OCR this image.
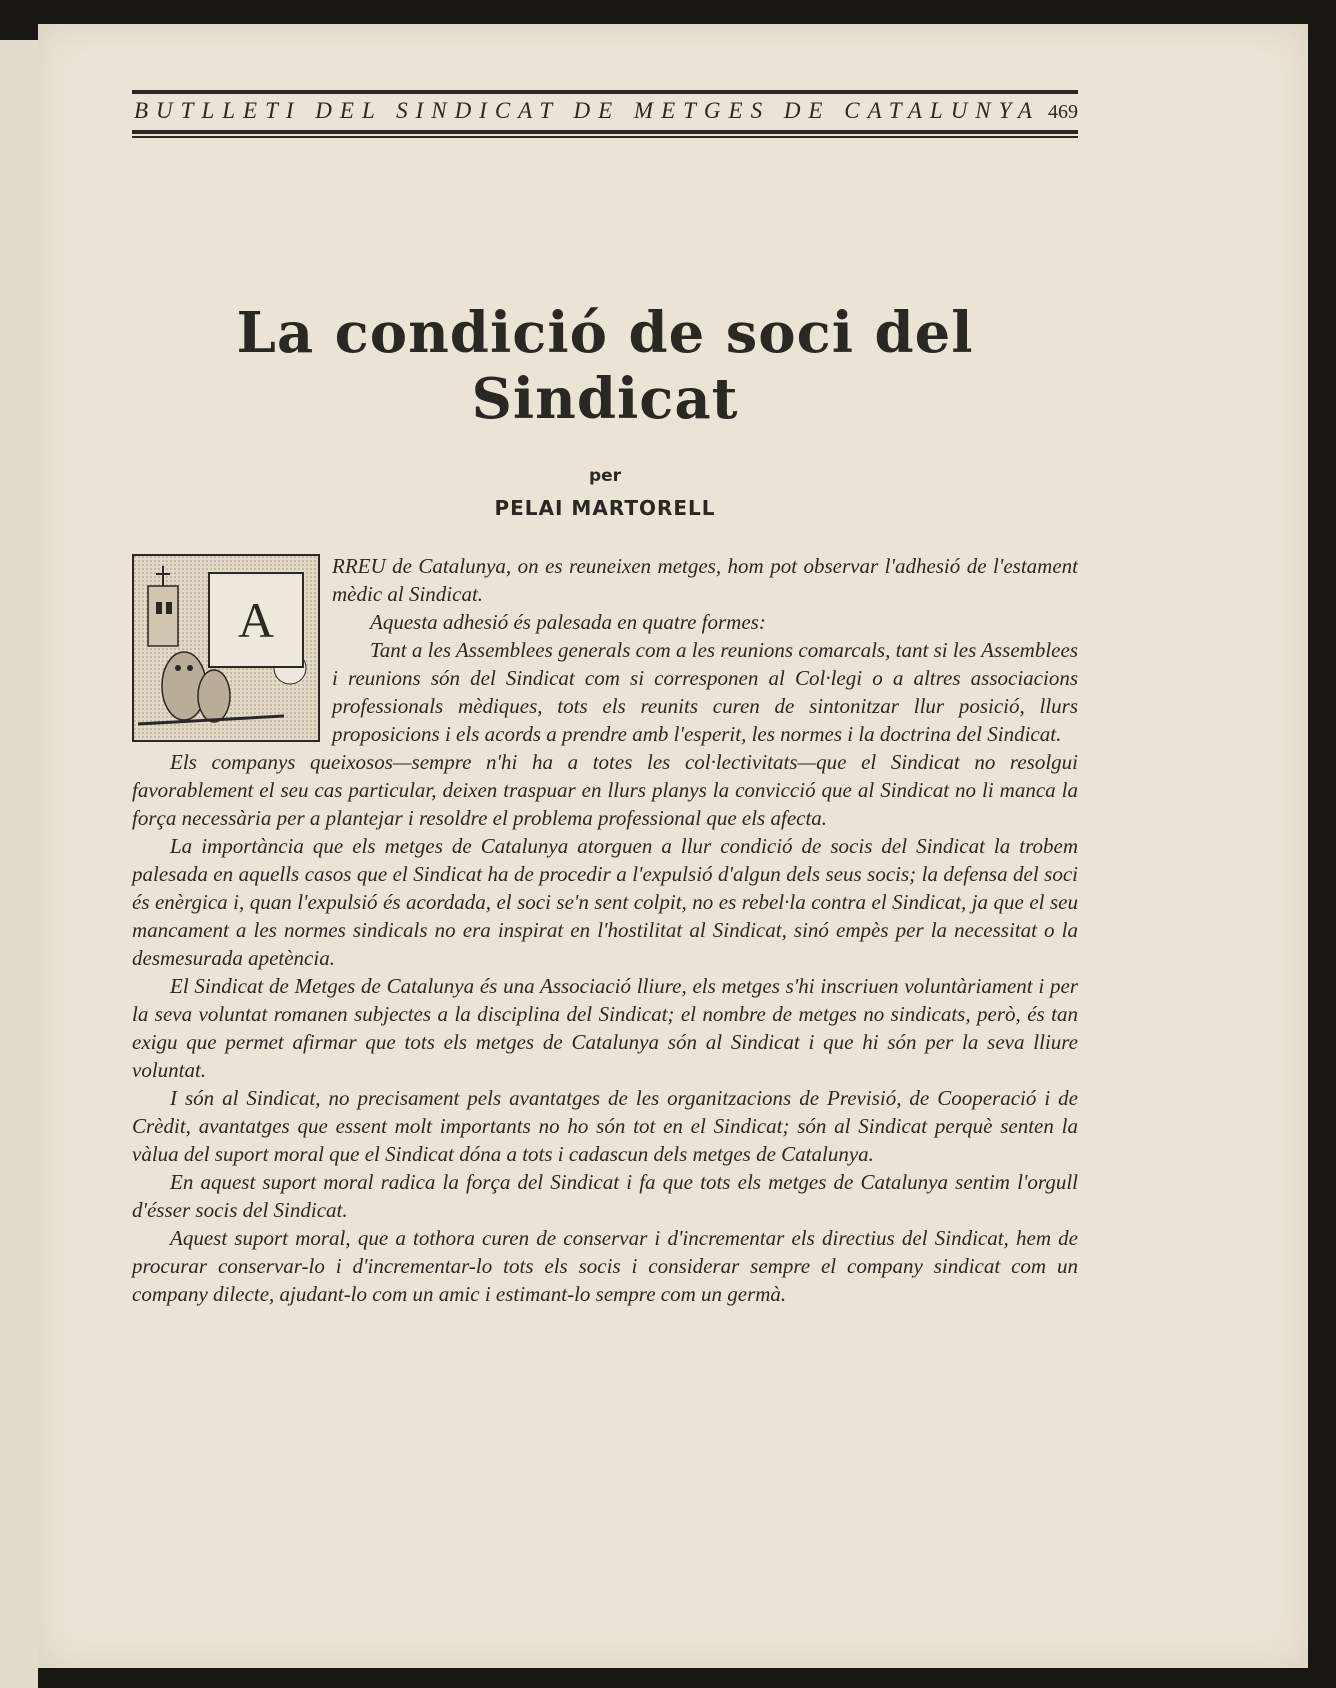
BUTLLETI DEL SINDICAT DE METGES DE CATALUNYA 469
La condició de soci del Sindicat
per
PELAI MARTORELL
A

RREU de Catalunya, on es reuneixen metges, hom pot observar l'adhesió de l'estament mèdic al Sindicat.

Aquesta adhesió és palesada en quatre formes:

Tant a les Assemblees generals com a les reunions comarcals, tant si les Assemblees i reunions són del Sindicat com si corresponen al Col·legi o a altres associacions professionals mèdiques, tots els reunits curen de sintonitzar llur posició, llurs proposicions i els acords a prendre amb l'esperit, les normes i la doctrina del Sindicat.

Els companys queixosos—sempre n'hi ha a totes les col·lectivitats—que el Sindicat no resolgui favorablement el seu cas particular, deixen traspuar en llurs planys la convicció que al Sindicat no li manca la força necessària per a plantejar i resoldre el problema professional que els afecta.

La importància que els metges de Catalunya atorguen a llur condició de socis del Sindicat la trobem palesada en aquells casos que el Sindicat ha de procedir a l'expulsió d'algun dels seus socis; la defensa del soci és enèrgica i, quan l'expulsió és acordada, el soci se'n sent colpit, no es rebel·la contra el Sindicat, ja que el seu mancament a les normes sindicals no era inspirat en l'hostilitat al Sindicat, sinó empès per la necessitat o la desmesurada apetència.

El Sindicat de Metges de Catalunya és una Associació lliure, els metges s'hi inscriuen voluntàriament i per la seva voluntat romanen subjectes a la disciplina del Sindicat; el nombre de metges no sindicats, però, és tan exigu que permet afirmar que tots els metges de Catalunya són al Sindicat i que hi són per la seva lliure voluntat.

I són al Sindicat, no precisament pels avantatges de les organitzacions de Previsió, de Cooperació i de Crèdit, avantatges que essent molt importants no ho són tot en el Sindicat; són al Sindicat perquè senten la vàlua del suport moral que el Sindicat dóna a tots i cadascun dels metges de Catalunya.

En aquest suport moral radica la força del Sindicat i fa que tots els metges de Catalunya sentim l'orgull d'ésser socis del Sindicat.

Aquest suport moral, que a tothora curen de conservar i d'incrementar els directius del Sindicat, hem de procurar conservar-lo i d'incrementar-lo tots els socis i considerar sempre el company sindicat com un company dilecte, ajudant-lo com un amic i estimant-lo sempre com un germà.
